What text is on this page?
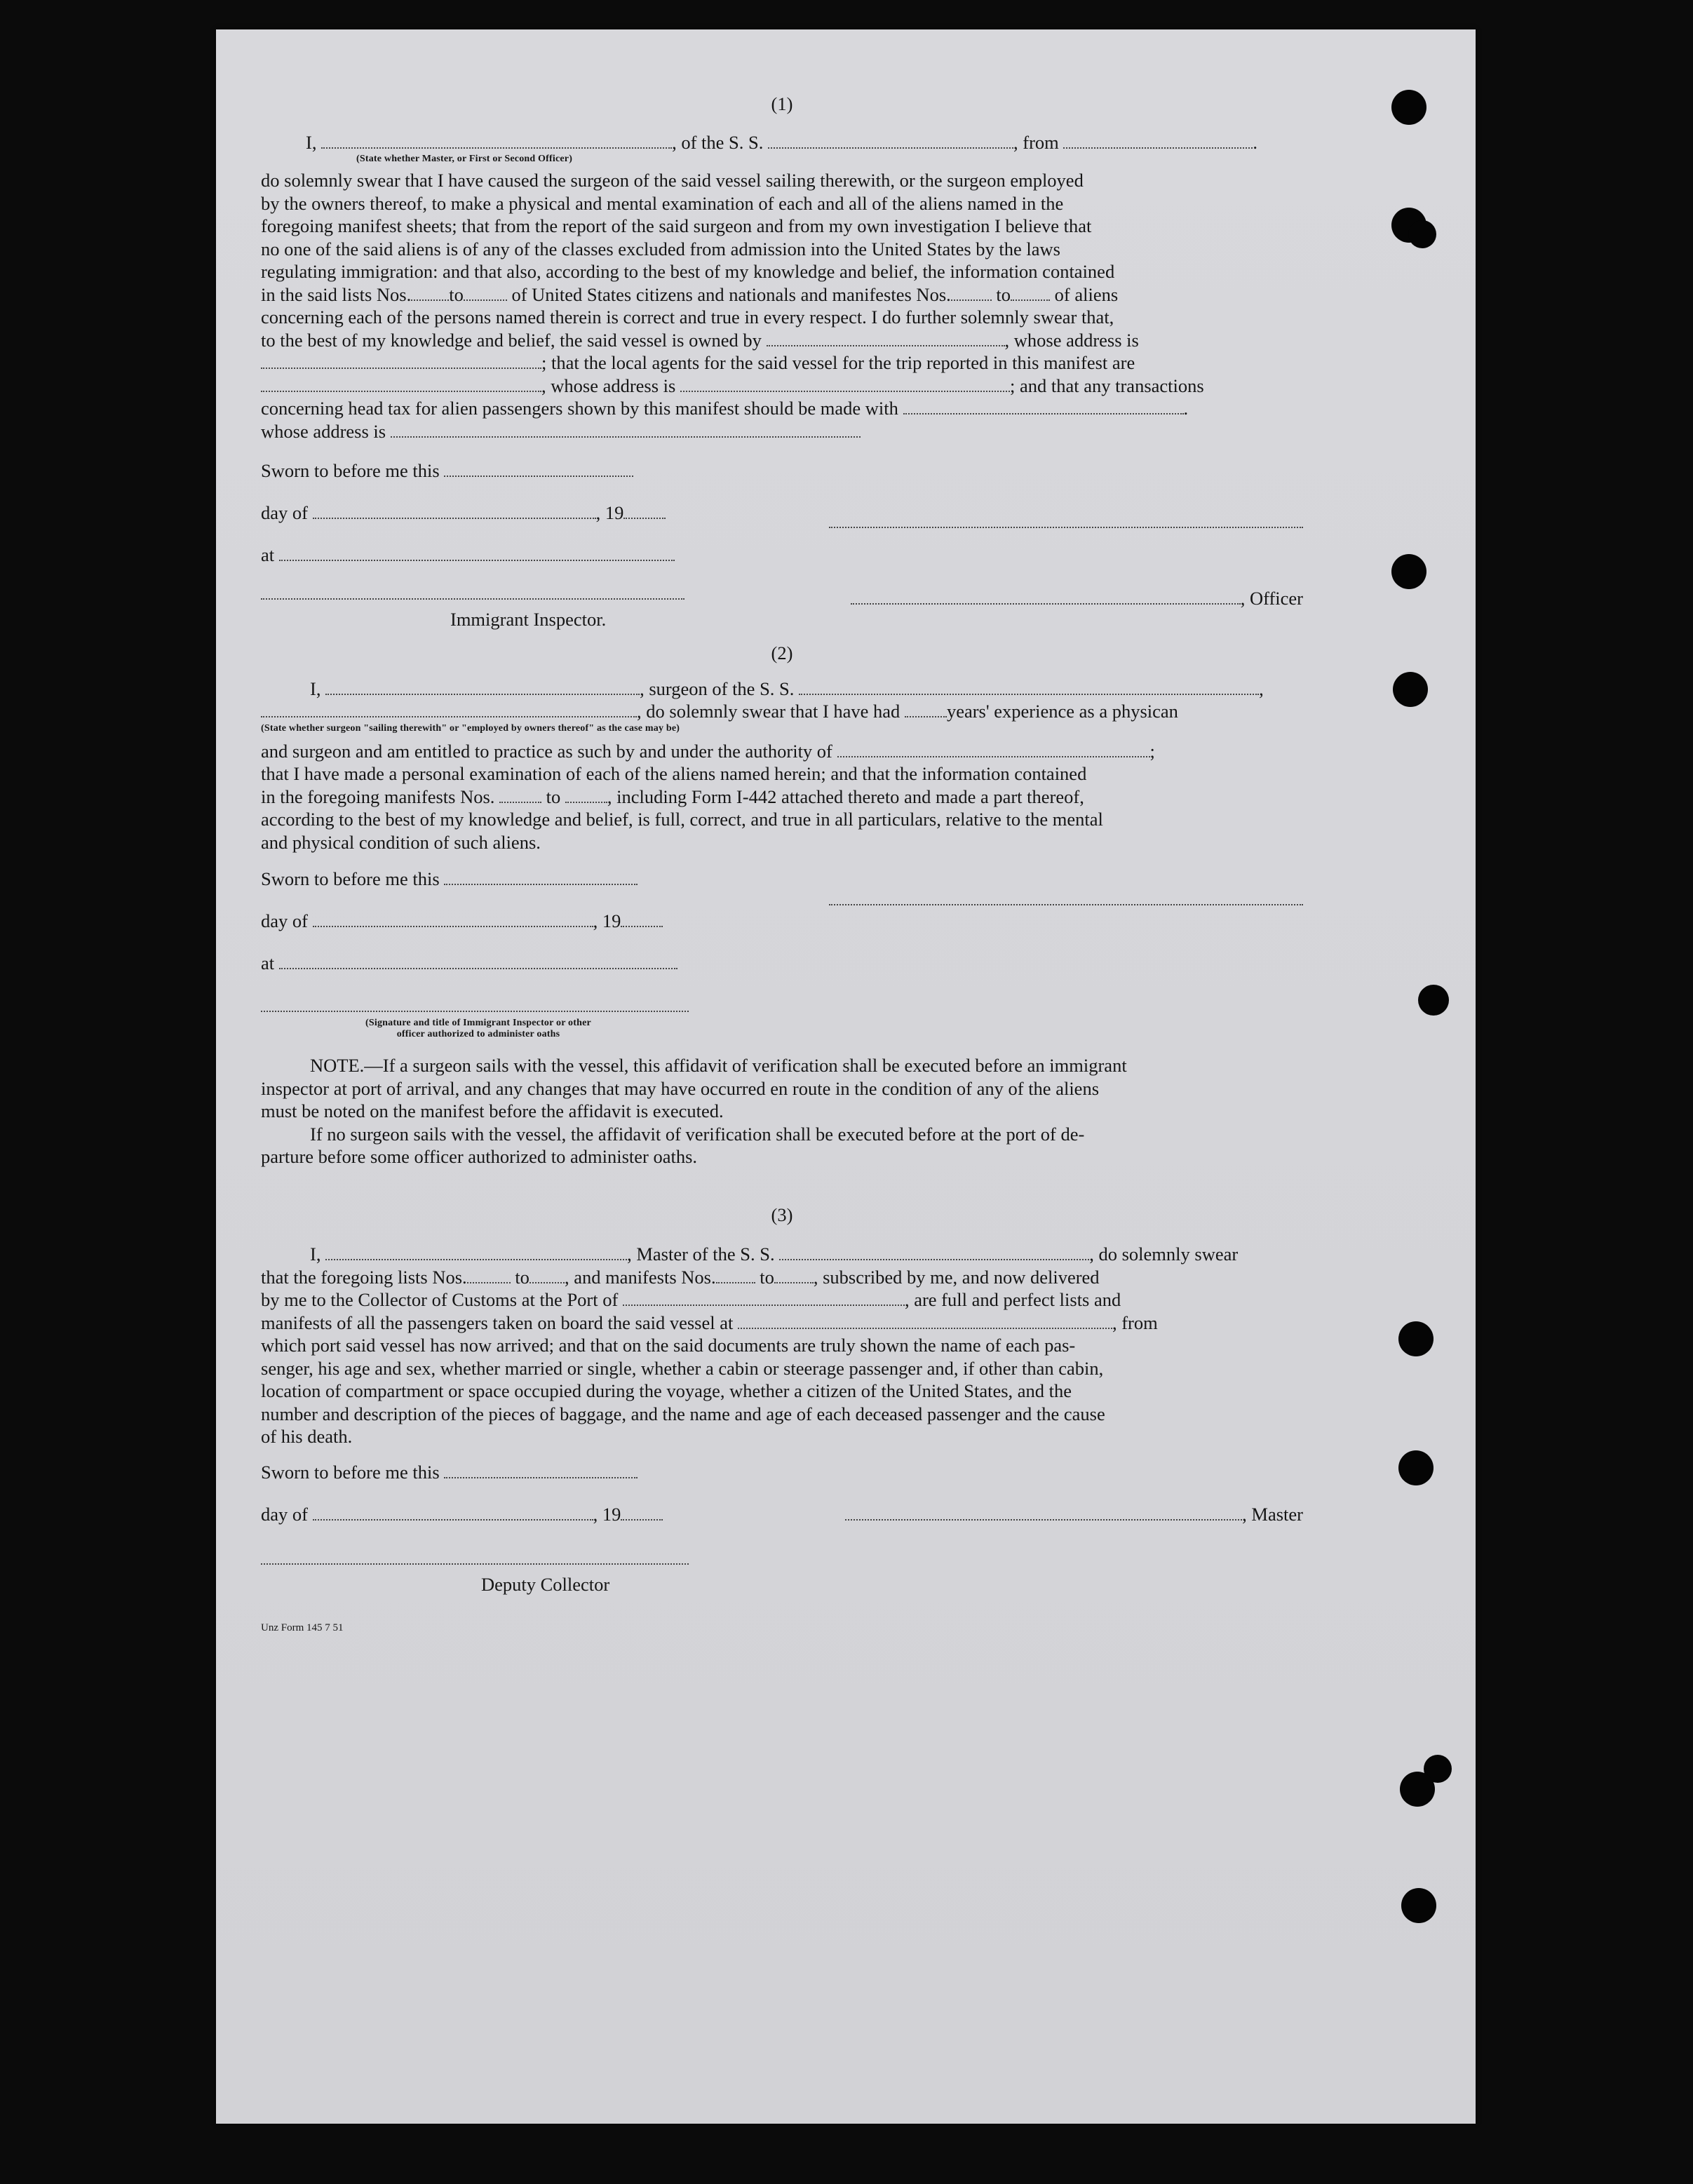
(1)

I,	, of the S. S.	, from	.

(State whether Master, or First or Second Officer)

do solemnly swear that I have caused the surgeon of the said vessel sailing therewith, or the surgeon employed

by the owners thereof, to make a physical and mental examination of each and all of the aliens named in the

foregoing manifest sheets; that from the report of the said surgeon and from my own investigation I believe that

no one of the said aliens is of any of the classes excluded from admission into the United States by the laws

regulating immigration: and that also, according to the best of my knowledge and belief, the information contained

in the said lists Nos. to	of United States citizens and nationals and manifestes Nos. to of aliens

concerning each of the persons named therein is correct and true in every respect. I do further solemnly swear that,

to the best of my knowledge and belief, the said vessel is owned by	, whose address is

; that the local agents for the said vessel for the trip reported in this manifest are

, whose address is	; and that any transactions

concerning head tax for alien passengers shown by this manifest should be made with	.

whose address is

Sworn to before me this
day of	, 19
at
, Officer
Immigrant Inspector.
(2)

I,	, surgeon of the S. S.	,

, do solemnly swear that I have had	years' experience as a physican

(State whether surgeon "sailing therewith" or "employed by owners thereof" as the case may be)

and surgeon and am entitled to practice as such by and under the authority of	;

that I have made a personal examination of each of the aliens named herein; and that the information contained

in the foregoing manifests Nos.	to	, including Form I-442 attached thereto and made a part thereof,

according to the best of my knowledge and belief, is full, correct, and true in all particulars, relative to the mental

and physical condition of such aliens.

Sworn to before me this
day of	, 19
at
(Signature and title of Immigrant Inspector or other
officer authorized to administer oaths

NOTE.—If a surgeon sails with the vessel, this affidavit of verification shall be executed before an immigrant

inspector at port of arrival, and any changes that may have occurred en route in the condition of any of the aliens

must be noted on the manifest before the affidavit is executed.

If no surgeon sails with the vessel, the affidavit of verification shall be executed before at the port of de-

parture before some officer authorized to administer oaths.

(3)

I,	, Master of the S. S.	, do solemnly swear

that the foregoing lists Nos.	to , and manifests Nos. to , subscribed by me, and now delivered

by me to the Collector of Customs at the Port of	, are full and perfect lists and

manifests of all the passengers taken on board the said vessel at	, from

which port said vessel has now arrived; and that on the said documents are truly shown the name of each pas-

senger, his age and sex, whether married or single, whether a cabin or steerage passenger and, if other than cabin,

location of compartment or space occupied during the voyage, whether a citizen of the United States, and the

number and description of the pieces of baggage, and the name and age of each deceased passenger and the cause

of his death.

Sworn to before me this
day of	, 19	, Master
Deputy Collector
Unz Form 145 7 51
